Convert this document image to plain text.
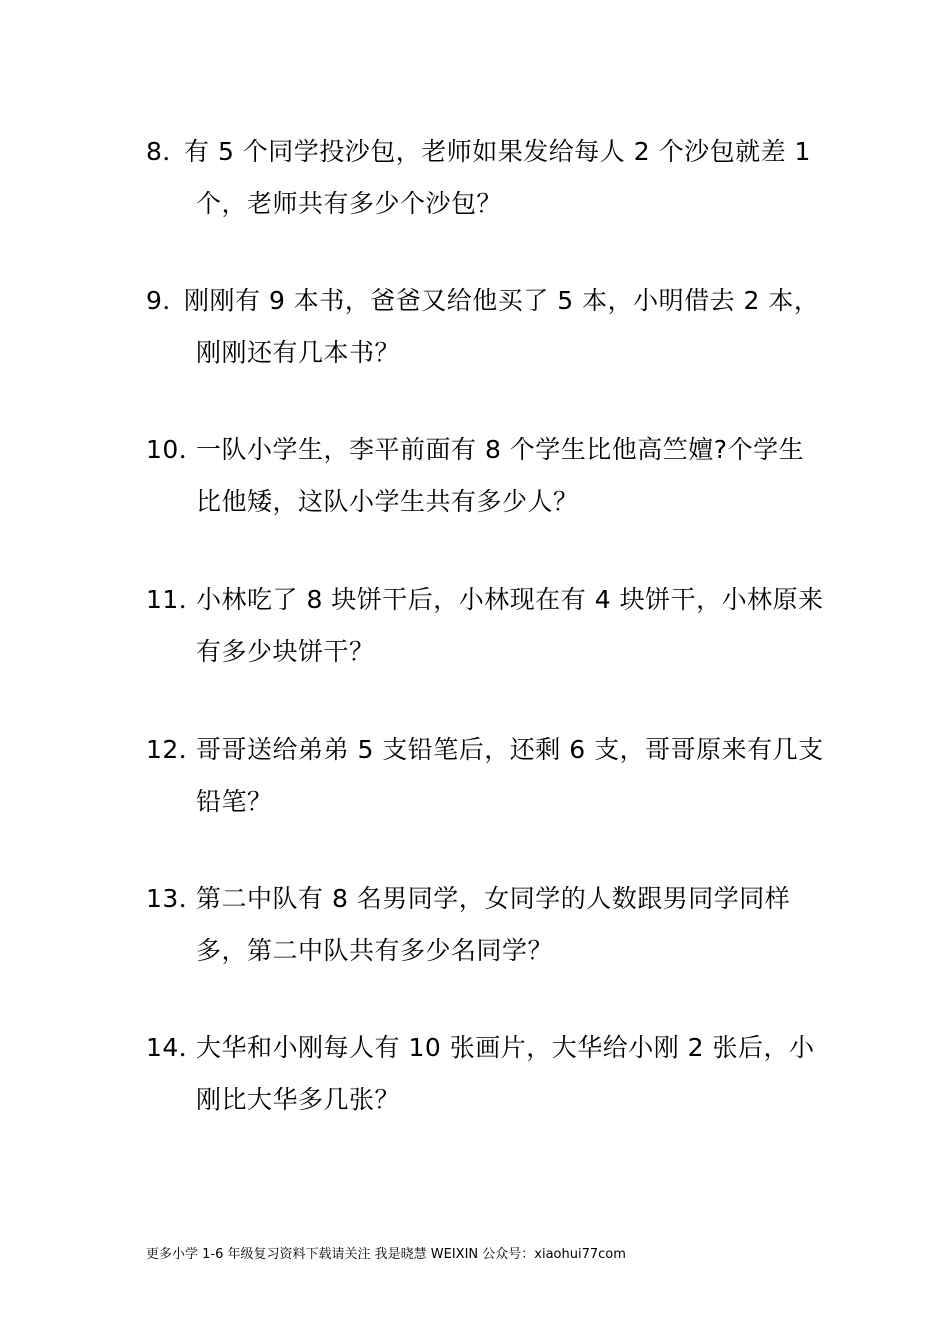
8．
有 5 个同学投沙包，老师如果发给每人 2 个沙包就差 1
个，老师共有多少个沙包？
9．
刚刚有 9 本书，爸爸又给他买了 5 本，小明借去 2 本，
刚刚还有几本书？
10．
一队小学生，李平前面有 8 个学生比他高竺嬗?个学生
比他矮，这队小学生共有多少人？
11．
小林吃了 8 块饼干后，小林现在有 4 块饼干，小林原来
有多少块饼干？
12．
哥哥送给弟弟 5 支铅笔后，还剩 6 支，哥哥原来有几支
铅笔？
13．
第二中队有 8 名男同学，女同学的人数跟男同学同样
多，第二中队共有多少名同学？
14．
大华和小刚每人有 10 张画片，大华给小刚 2 张后，小
刚比大华多几张？
更多小学 1-6 年级复习资料下载请关注 我是晓慧 WEIXIN 公众号：xiaohui77com
